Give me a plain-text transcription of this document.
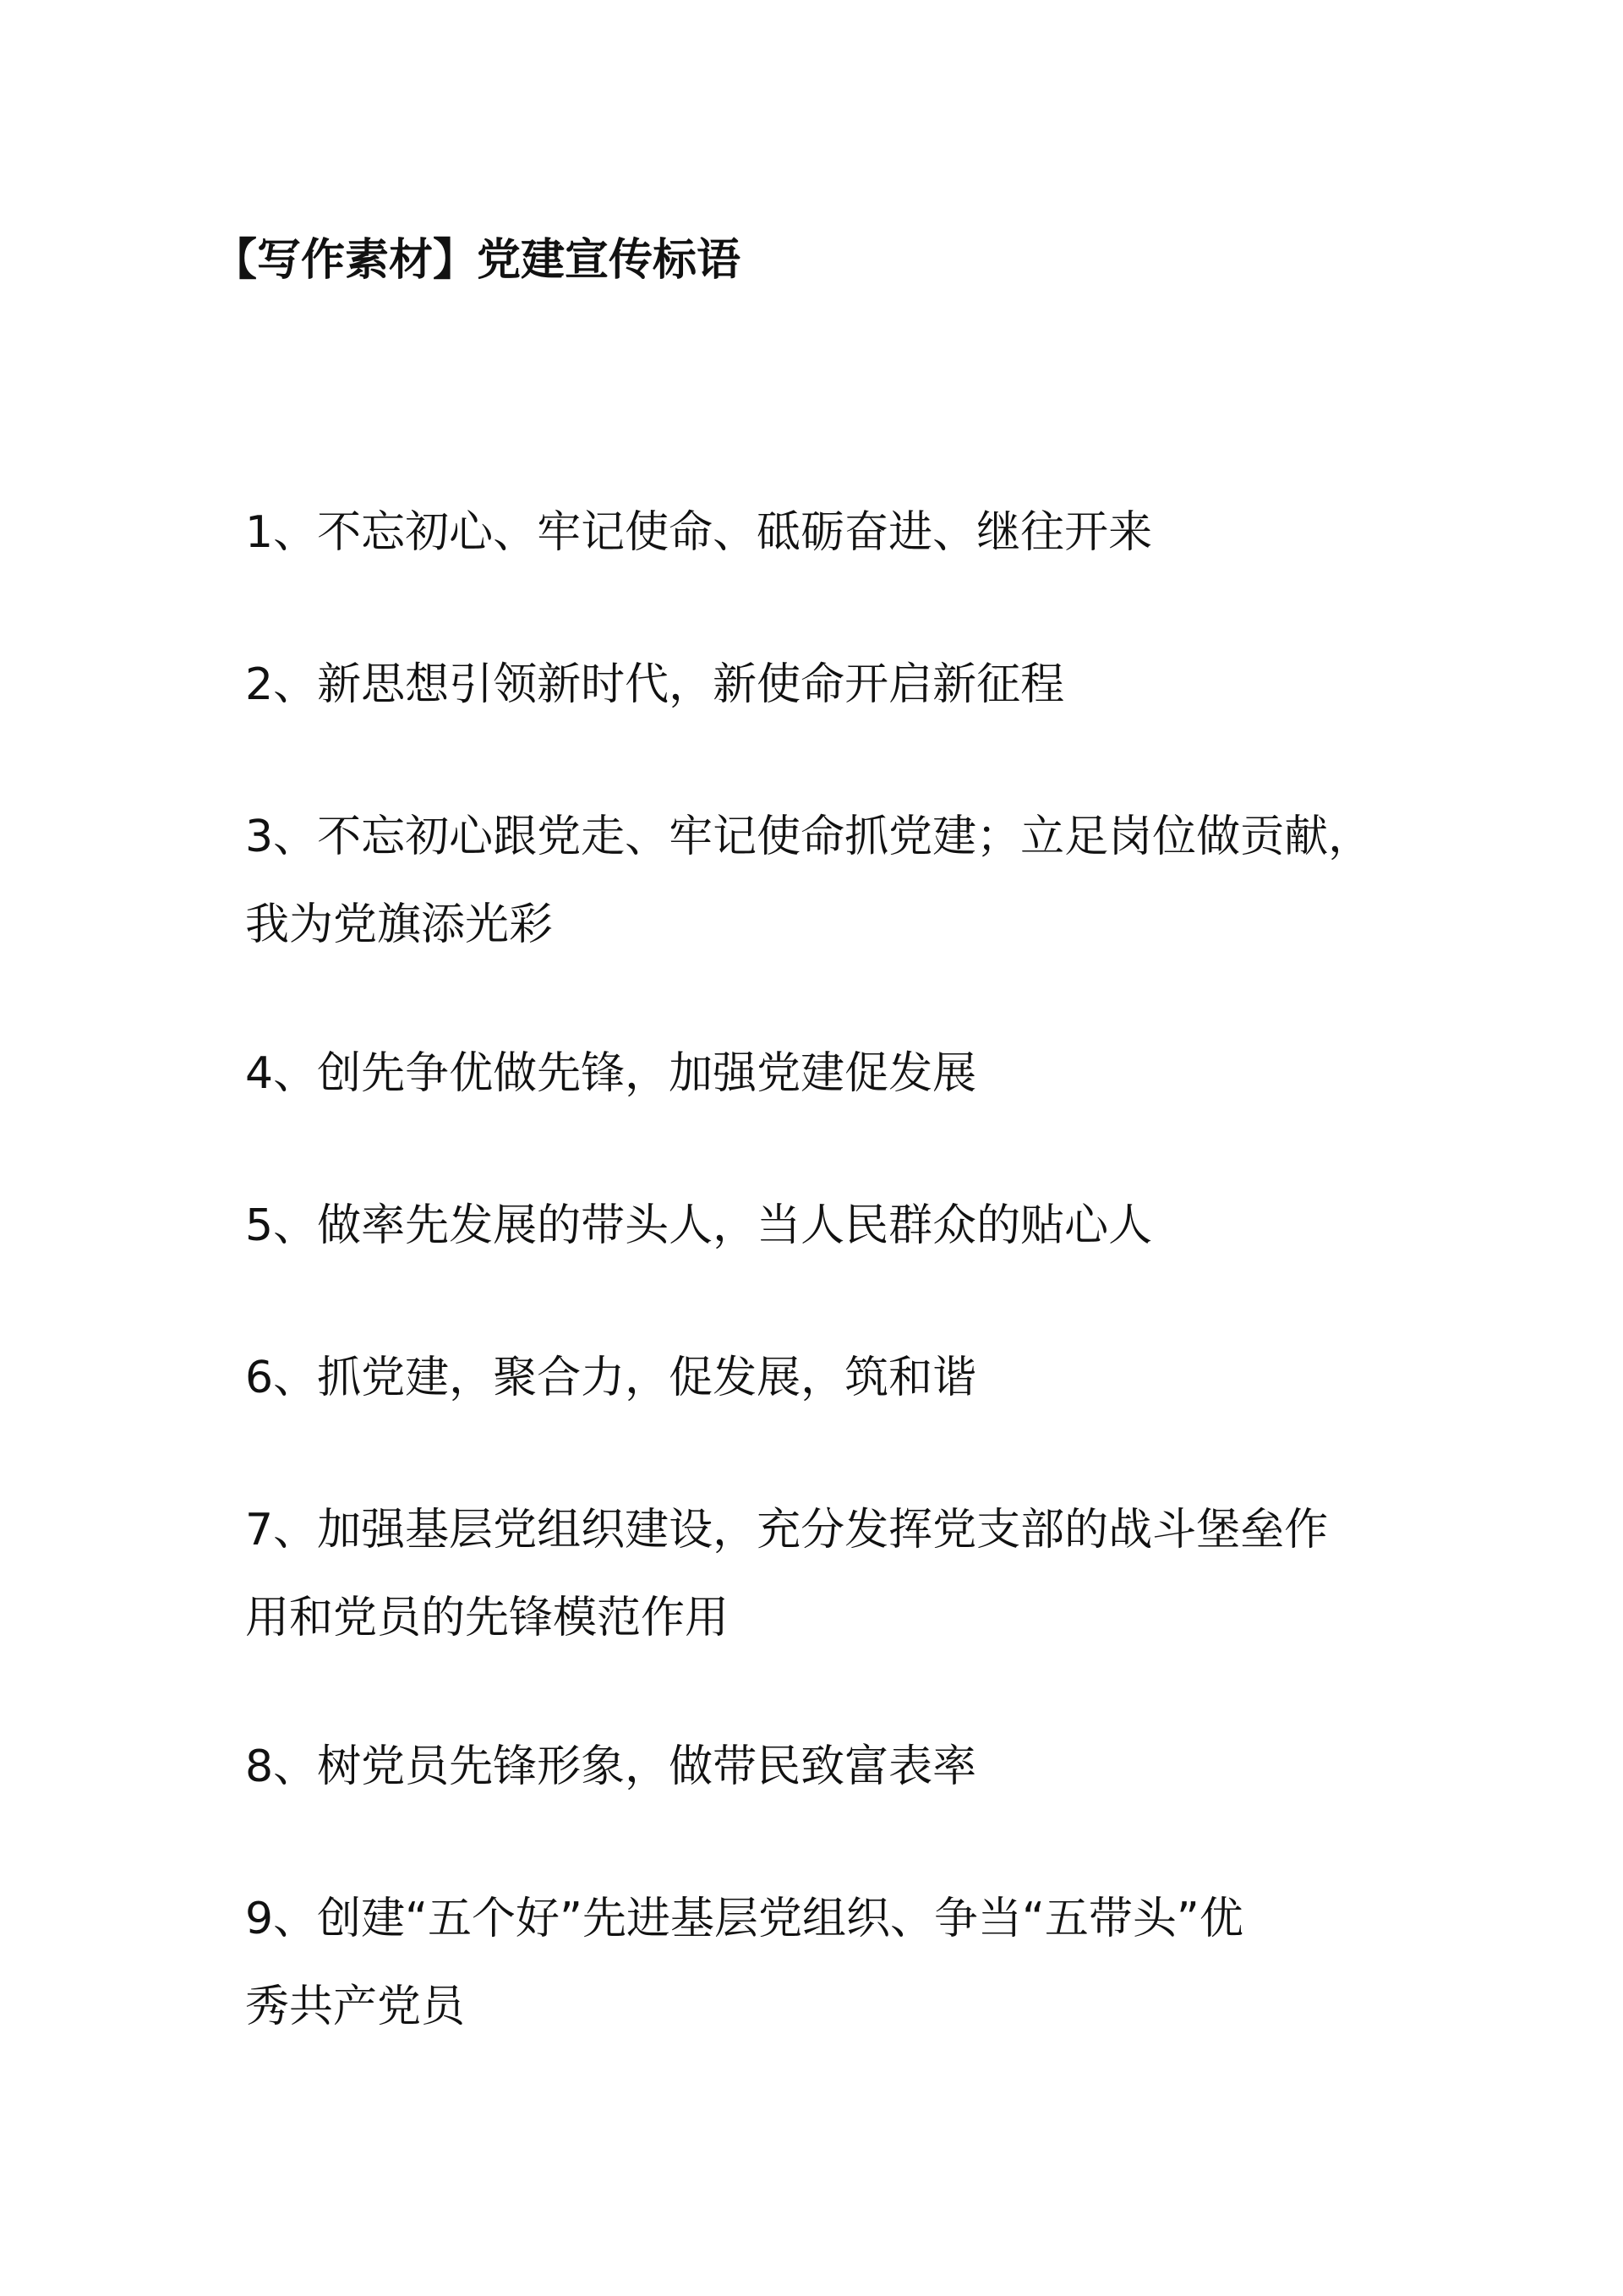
【写作素材】党建宣传标语
1、不忘初心、牢记使命、砥砺奋进、继往开来
2、新思想引领新时代，新使命开启新征程
3、不忘初心跟党走、牢记使命抓党建；立足岗位做贡献，
我为党旗添光彩
4、创先争优做先锋，加强党建促发展
5、做率先发展的带头人，当人民群众的贴心人
6、抓党建，聚合力，促发展，筑和谐
7、加强基层党组织建设，充分发挥党支部的战斗堡垒作
用和党员的先锋模范作用
8、树党员先锋形象，做带民致富表率
9、创建“五个好”先进基层党组织、争当“五带头”优
秀共产党员
